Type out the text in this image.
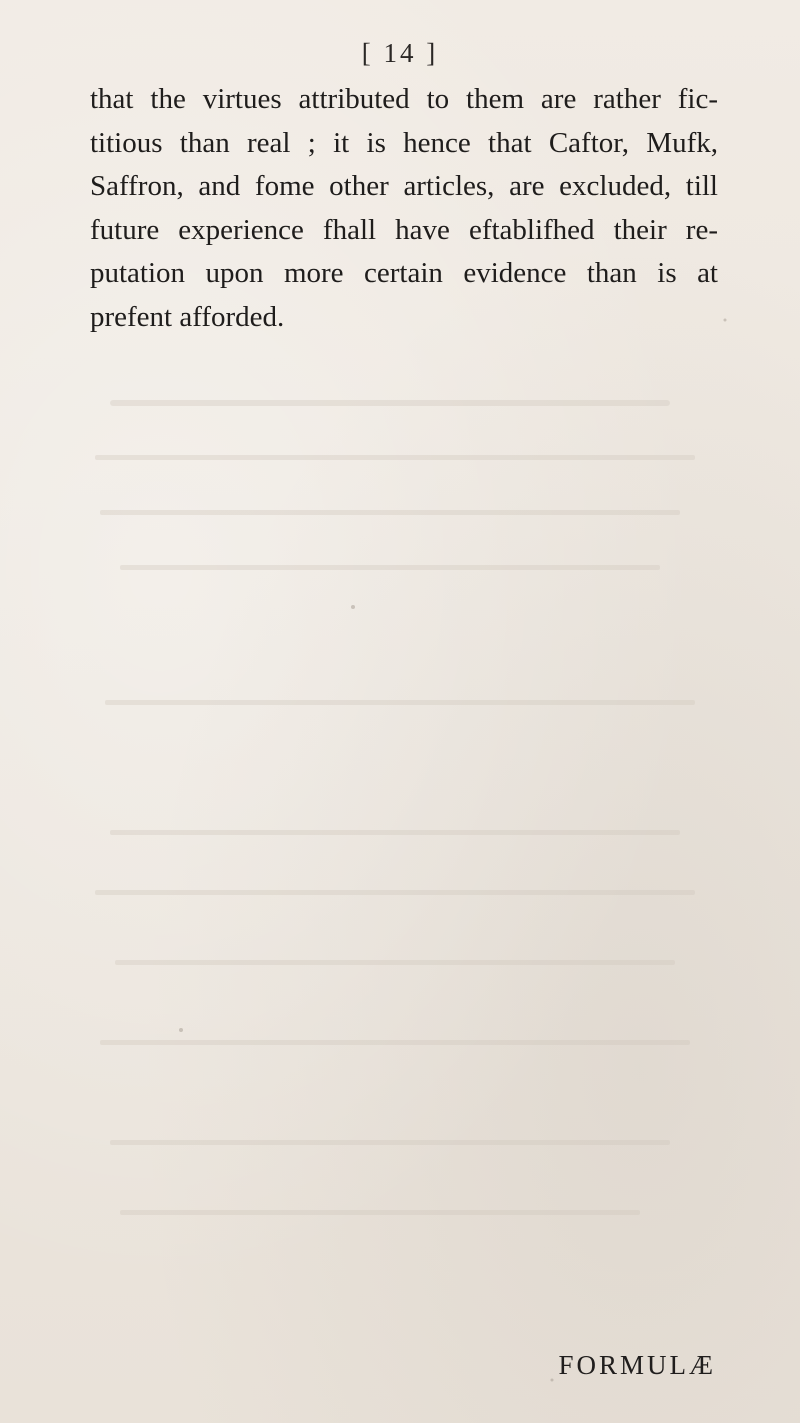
[ 14 ]
that the virtues attributed to them are rather fic-
titious than real ; it is hence that Caftor, Mufk,
Saffron, and fome other articles, are excluded, till
future experience fhall have eftablifhed their re-
putation upon more certain evidence than is at
prefent afforded.
FORMULÆ
